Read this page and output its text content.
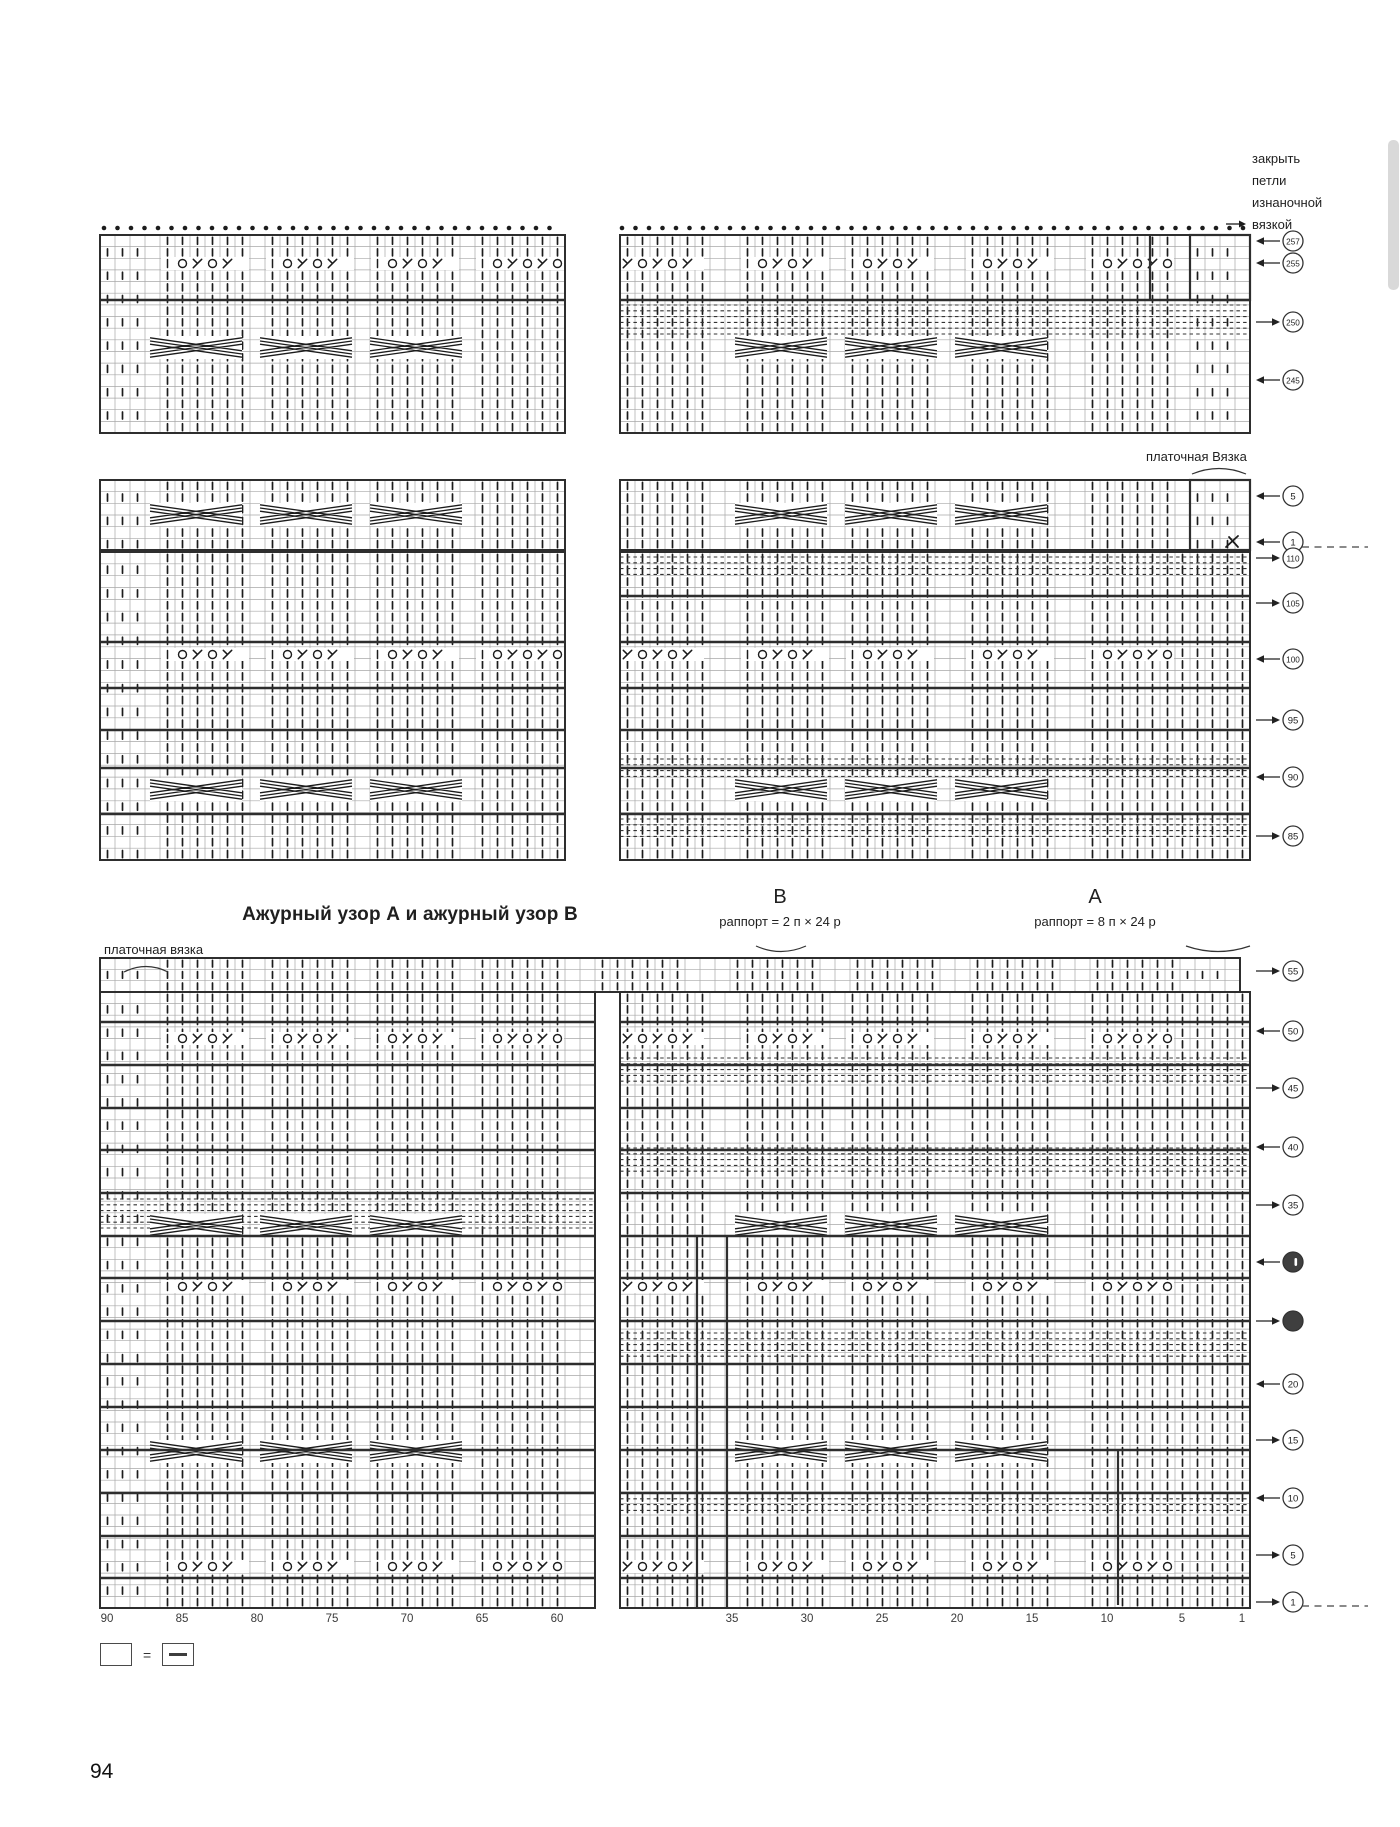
257
255
250
245
5
1
110
105
100
95
90
85
55
50
45
40
35
20
15
10
5
1
90	85	80	75	70	65	60	35	30	25	20	15	10	5	1
закрыть
петли
изнаночной
вязкой
платочная Вязка
Ажурный узор А и ажурный узор В
платочная вязка
B
раппорт = 2 п × 24 р
A
раппорт = 8 п × 24 р
=
94
